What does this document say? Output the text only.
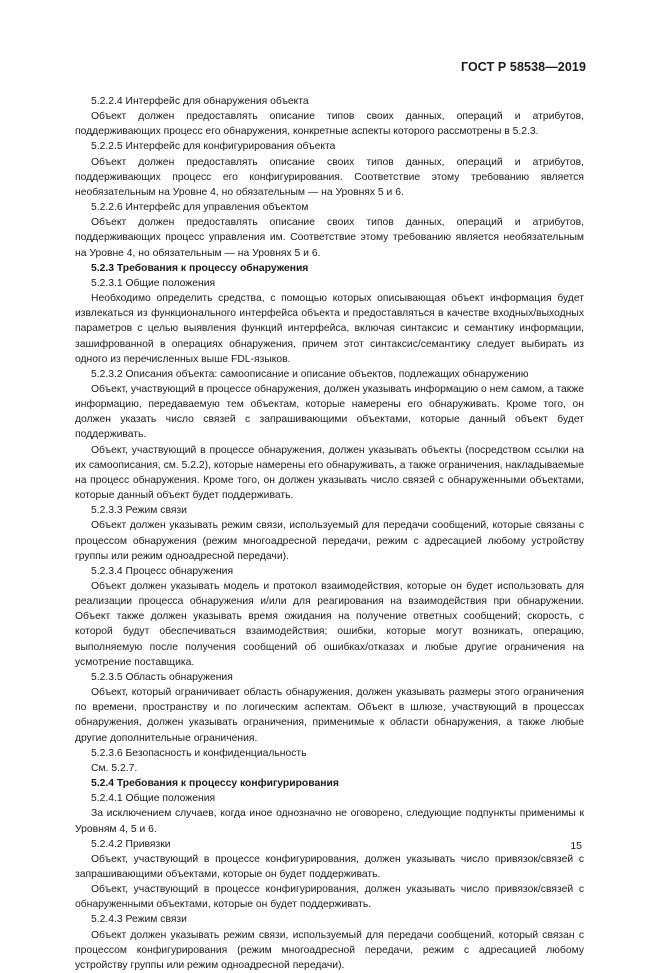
ГОСТ Р 58538—2019

5.2.2.4 Интерфейс для обнаружения объекта

Объект должен предоставлять описание типов своих данных, операций и атрибутов, поддерживающих процесс его обнаружения, конкретные аспекты которого рассмотрены в 5.2.3.

5.2.2.5 Интерфейс для конфигурирования объекта

Объект должен предоставлять описание своих типов данных, операций и атрибутов, поддерживающих процесс его конфигурирования. Соответствие этому требованию является необязательным на Уровне 4, но обязательным — на Уровнях 5 и 6.

5.2.2.6 Интерфейс для управления объектом

Объект должен предоставлять описание своих типов данных, операций и атрибутов, поддерживающих процесс управления им. Соответствие этому требованию является необязательным на Уровне 4, но обязательным — на Уровнях 5 и 6.

5.2.3 Требования к процессу обнаружения

5.2.3.1 Общие положения

Необходимо определить средства, с помощью которых описывающая объект информация будет извлекаться из функционального интерфейса объекта и предоставляться в качестве входных/выходных параметров с целью выявления функций интерфейса, включая синтаксис и семантику информации, зашифрованной в операциях обнаружения, причем этот синтаксис/семантику следует выбирать из одного из перечисленных выше FDL-языков.

5.2.3.2 Описания объекта: самоописание и описание объектов, подлежащих обнаружению

Объект, участвующий в процессе обнаружения, должен указывать информацию о нем самом, а также информацию, передаваемую тем объектам, которые намерены его обнаруживать. Кроме того, он должен указать число связей с запрашивающими объектами, которые данный объект будет поддерживать.

Объект, участвующий в процессе обнаружения, должен указывать объекты (посредством ссылки на их самоописания, см. 5.2.2), которые намерены его обнаруживать, а также ограничения, накладываемые на процесс обнаружения. Кроме того, он должен указывать число связей с обнаруженными объектами, которые данный объект будет поддерживать.

5.2.3.3 Режим связи

Объект должен указывать режим связи, используемый для передачи сообщений, которые связаны с процессом обнаружения (режим многоадресной передачи, режим с адресацией любому устройству группы или режим одноадресной передачи).

5.2.3.4 Процесс обнаружения

Объект должен указывать модель и протокол взаимодействия, которые он будет использовать для реализации процесса обнаружения и/или для реагирования на взаимодействия при обнаружении. Объект также должен указывать время ожидания на получение ответных сообщений; скорость, с которой будут обеспечиваться взаимодействия; ошибки, которые могут возникать, операцию, выполняемую после получения сообщений об ошибках/отказах и любые другие ограничения на усмотрение поставщика.

5.2.3.5 Область обнаружения

Объект, который ограничивает область обнаружения, должен указывать размеры этого ограничения по времени, пространству и по логическим аспектам. Объект в шлюзе, участвующий в процессах обнаружения, должен указывать ограничения, применимые к области обнаружения, а также любые другие дополнительные ограничения.

5.2.3.6 Безопасность и конфиденциальность

См. 5.2.7.

5.2.4 Требования к процессу конфигурирования

5.2.4.1 Общие положения

За исключением случаев, когда иное однозначно не оговорено, следующие подпункты применимы к Уровням 4, 5 и 6.

5.2.4.2 Привязки

Объект, участвующий в процессе конфигурирования, должен указывать число привязок/связей с запрашивающими объектами, которые он будет поддерживать.

Объект, участвующий в процессе конфигурирования, должен указывать число привязок/связей с обнаруженными объектами, которые он будет поддерживать.

5.2.4.3 Режим связи

Объект должен указывать режим связи, используемый для передачи сообщений, который связан с процессом конфигурирования (режим многоадресной передачи, режим с адресацией любому устройству группы или режим одноадресной передачи).

15
